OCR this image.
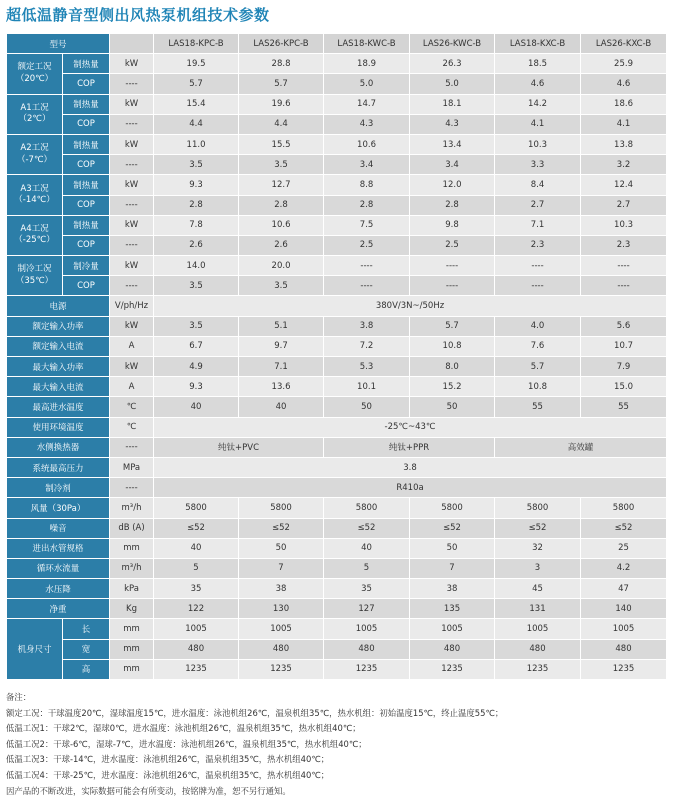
超低温静音型侧出风热泵机组技术参数
型号			LAS18-KPC-B	LAS26-KPC-B	LAS18-KWC-B	LAS26-KWC-B	LAS18-KXC-B	LAS26-KXC-B
额定工况
（20℃）	制热量	kW	19.5	28.8	18.9	26.3	18.5	25.9
	COP	----	5.7	5.7	5.0	5.0	4.6	4.6
A1工况
（2℃）	制热量	kW	15.4	19.6	14.7	18.1	14.2	18.6
	COP	----	4.4	4.4	4.3	4.3	4.1	4.1
A2工况
（-7℃）	制热量	kW	11.0	15.5	10.6	13.4	10.3	13.8
	COP	----	3.5	3.5	3.4	3.4	3.3	3.2
A3工况
（-14℃）	制热量	kW	9.3	12.7	8.8	12.0	8.4	12.4
	COP	----	2.8	2.8	2.8	2.8	2.7	2.7
A4工况
（-25℃）	制热量	kW	7.8	10.6	7.5	9.8	7.1	10.3
	COP	----	2.6	2.6	2.5	2.5	2.3	2.3
制冷工况
（35℃）	制冷量	kW	14.0	20.0	----	----	----	----
	COP	----	3.5	3.5	----	----	----	----
电源		V/ph/Hz	380V/3N~/50Hz					
额定输入功率		kW	3.5	5.1	3.8	5.7	4.0	5.6
额定输入电流		A	6.7	9.7	7.2	10.8	7.6	10.7
最大输入功率		kW	4.9	7.1	5.3	8.0	5.7	7.9
最大输入电流		A	9.3	13.6	10.1	15.2	10.8	15.0
最高进水温度		℃	40	40	50	50	55	55
使用环境温度		℃	-25℃~43℃					
水侧换热器		----	纯钛+PVC		纯钛+PPR		高效罐	
系统最高压力		MPa	3.8					
制冷剂		----	R410a					
风量（30Pa）		m³/h	5800	5800	5800	5800	5800	5800
噪音		dB (A)	≤52	≤52	≤52	≤52	≤52	≤52
进出水管规格		mm	40	50	40	50	32	25
循环水流量		m³/h	5	7	5	7	3	4.2
水压降		kPa	35	38	35	38	45	47
净重		Kg	122	130	127	135	131	140
机身尺寸	长	mm	1005	1005	1005	1005	1005	1005
	宽	mm	480	480	480	480	480	480
	高	mm	1235	1235	1235	1235	1235	1235
备注：
额定工况：干球温度20℃，湿球温度15℃，进水温度：泳池机组26℃，温泉机组35℃，热水机组：初始温度15℃，终止温度55℃；
低温工况1：干球2℃，湿球0℃，进水温度：泳池机组26℃，温泉机组35℃，热水机组40℃；
低温工况2：干球-6℃，湿球-7℃，进水温度：泳池机组26℃，温泉机组35℃，热水机组40℃；
低温工况3：干球-14℃，进水温度：泳池机组26℃，温泉机组35℃，热水机组40℃；
低温工况4：干球-25℃，进水温度：泳池机组26℃，温泉机组35℃，热水机组40℃；
因产品的不断改进，实际数据可能会有所变动，按铭牌为准，恕不另行通知。
